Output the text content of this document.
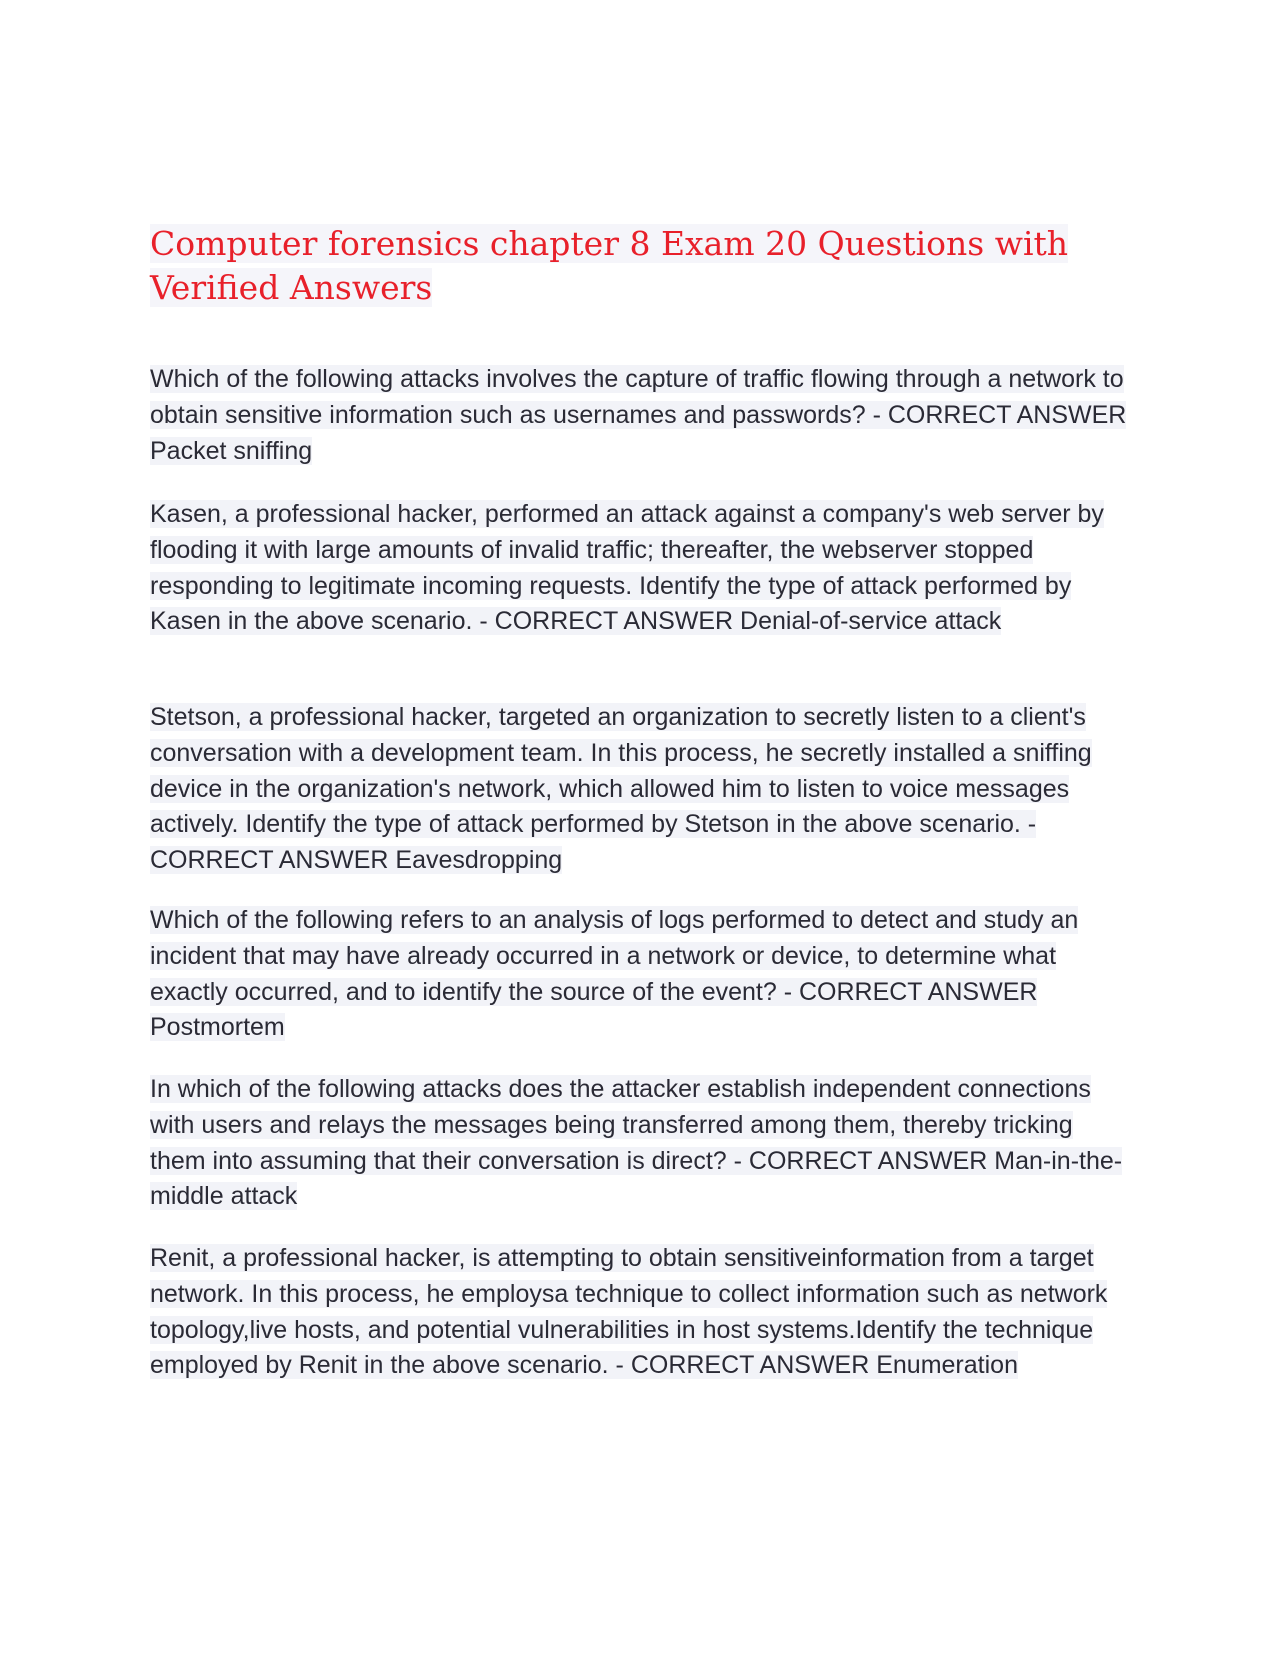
Computer forensics chapter 8 Exam 20 Questions with Verified Answers

Which of the following attacks involves the capture of traffic flowing through a network to obtain sensitive information such as usernames and passwords? - CORRECT ANSWER Packet sniffing

Kasen, a professional hacker, performed an attack against a company's web server by flooding it with large amounts of invalid traffic; thereafter, the webserver stopped responding to legitimate incoming requests. Identify the type of attack performed by Kasen in the above scenario. - CORRECT ANSWER Denial-of-service attack

Stetson, a professional hacker, targeted an organization to secretly listen to a client's conversation with a development team. In this process, he secretly installed a sniffing device in the organization's network, which allowed him to listen to voice messages actively. Identify the type of attack performed by Stetson in the above scenario. - CORRECT ANSWER Eavesdropping

Which of the following refers to an analysis of logs performed to detect and study an incident that may have already occurred in a network or device, to determine what exactly occurred, and to identify the source of the event? - CORRECT ANSWER Postmortem

In which of the following attacks does the attacker establish independent connections with users and relays the messages being transferred among them, thereby tricking them into assuming that their conversation is direct? - CORRECT ANSWER Man-in-the-middle attack

Renit, a professional hacker, is attempting to obtain sensitiveinformation from a target network. In this process, he employsa technique to collect information such as network topology,live hosts, and potential vulnerabilities in host systems.Identify the technique employed by Renit in the above scenario. - CORRECT ANSWER Enumeration
